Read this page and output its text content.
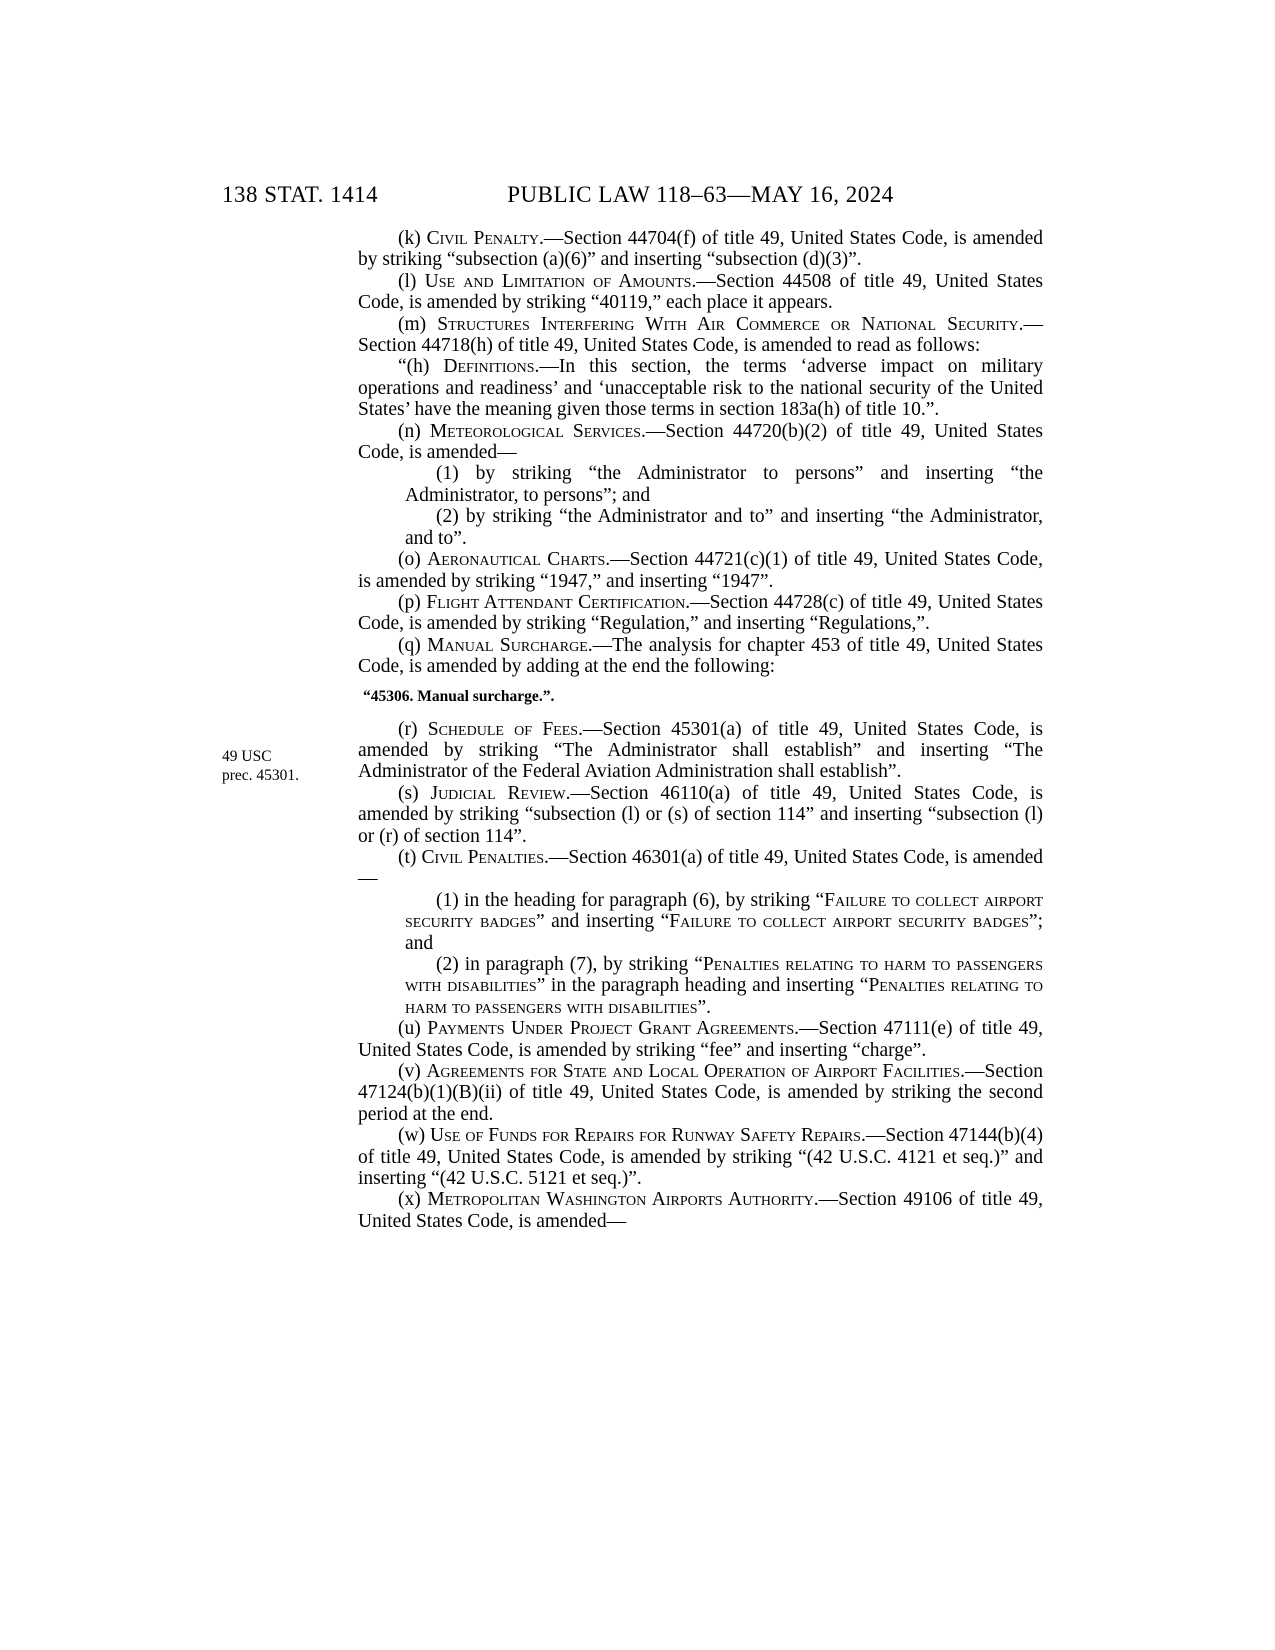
138 STAT. 1414	PUBLIC LAW 118–63—MAY 16, 2024
49 USC
prec. 45301.

(k) Civil Penalty.—Section 44704(f) of title 49, United States Code, is amended by striking “subsection (a)(6)” and inserting “subsection (d)(3)”.

(l) Use and Limitation of Amounts.—Section 44508 of title 49, United States Code, is amended by striking “40119,” each place it appears.

(m) Structures Interfering With Air Commerce or National Security.—Section 44718(h) of title 49, United States Code, is amended to read as follows:

“(h) Definitions.—In this section, the terms ‘adverse impact on military operations and readiness’ and ‘unacceptable risk to the national security of the United States’ have the meaning given those terms in section 183a(h) of title 10.”.

(n) Meteorological Services.—Section 44720(b)(2) of title 49, United States Code, is amended—

(1) by striking “the Administrator to persons” and inserting “the Administrator, to persons”; and

(2) by striking “the Administrator and to” and inserting “the Administrator, and to”.

(o) Aeronautical Charts.—Section 44721(c)(1) of title 49, United States Code, is amended by striking “1947,” and inserting “1947”.

(p) Flight Attendant Certification.—Section 44728(c) of title 49, United States Code, is amended by striking “Regulation,” and inserting “Regulations,”.

(q) Manual Surcharge.—The analysis for chapter 453 of title 49, United States Code, is amended by adding at the end the following:

“45306. Manual surcharge.”.

(r) Schedule of Fees.—Section 45301(a) of title 49, United States Code, is amended by striking “The Administrator shall establish” and inserting “The Administrator of the Federal Aviation Administration shall establish”.

(s) Judicial Review.—Section 46110(a) of title 49, United States Code, is amended by striking “subsection (l) or (s) of section 114” and inserting “subsection (l) or (r) of section 114”.

(t) Civil Penalties.—Section 46301(a) of title 49, United States Code, is amended—

(1) in the heading for paragraph (6), by striking “Failure to collect airport security badges” and inserting “Failure to collect airport security badges”; and

(2) in paragraph (7), by striking “Penalties relating to harm to passengers with disabilities” in the paragraph heading and inserting “Penalties relating to harm to passengers with disabilities”.

(u) Payments Under Project Grant Agreements.—Section 47111(e) of title 49, United States Code, is amended by striking “fee” and inserting “charge”.

(v) Agreements for State and Local Operation of Airport Facilities.—Section 47124(b)(1)(B)(ii) of title 49, United States Code, is amended by striking the second period at the end.

(w) Use of Funds for Repairs for Runway Safety Repairs.—Section 47144(b)(4) of title 49, United States Code, is amended by striking “(42 U.S.C. 4121 et seq.)” and inserting “(42 U.S.C. 5121 et seq.)”.

(x) Metropolitan Washington Airports Authority.—Section 49106 of title 49, United States Code, is amended—
